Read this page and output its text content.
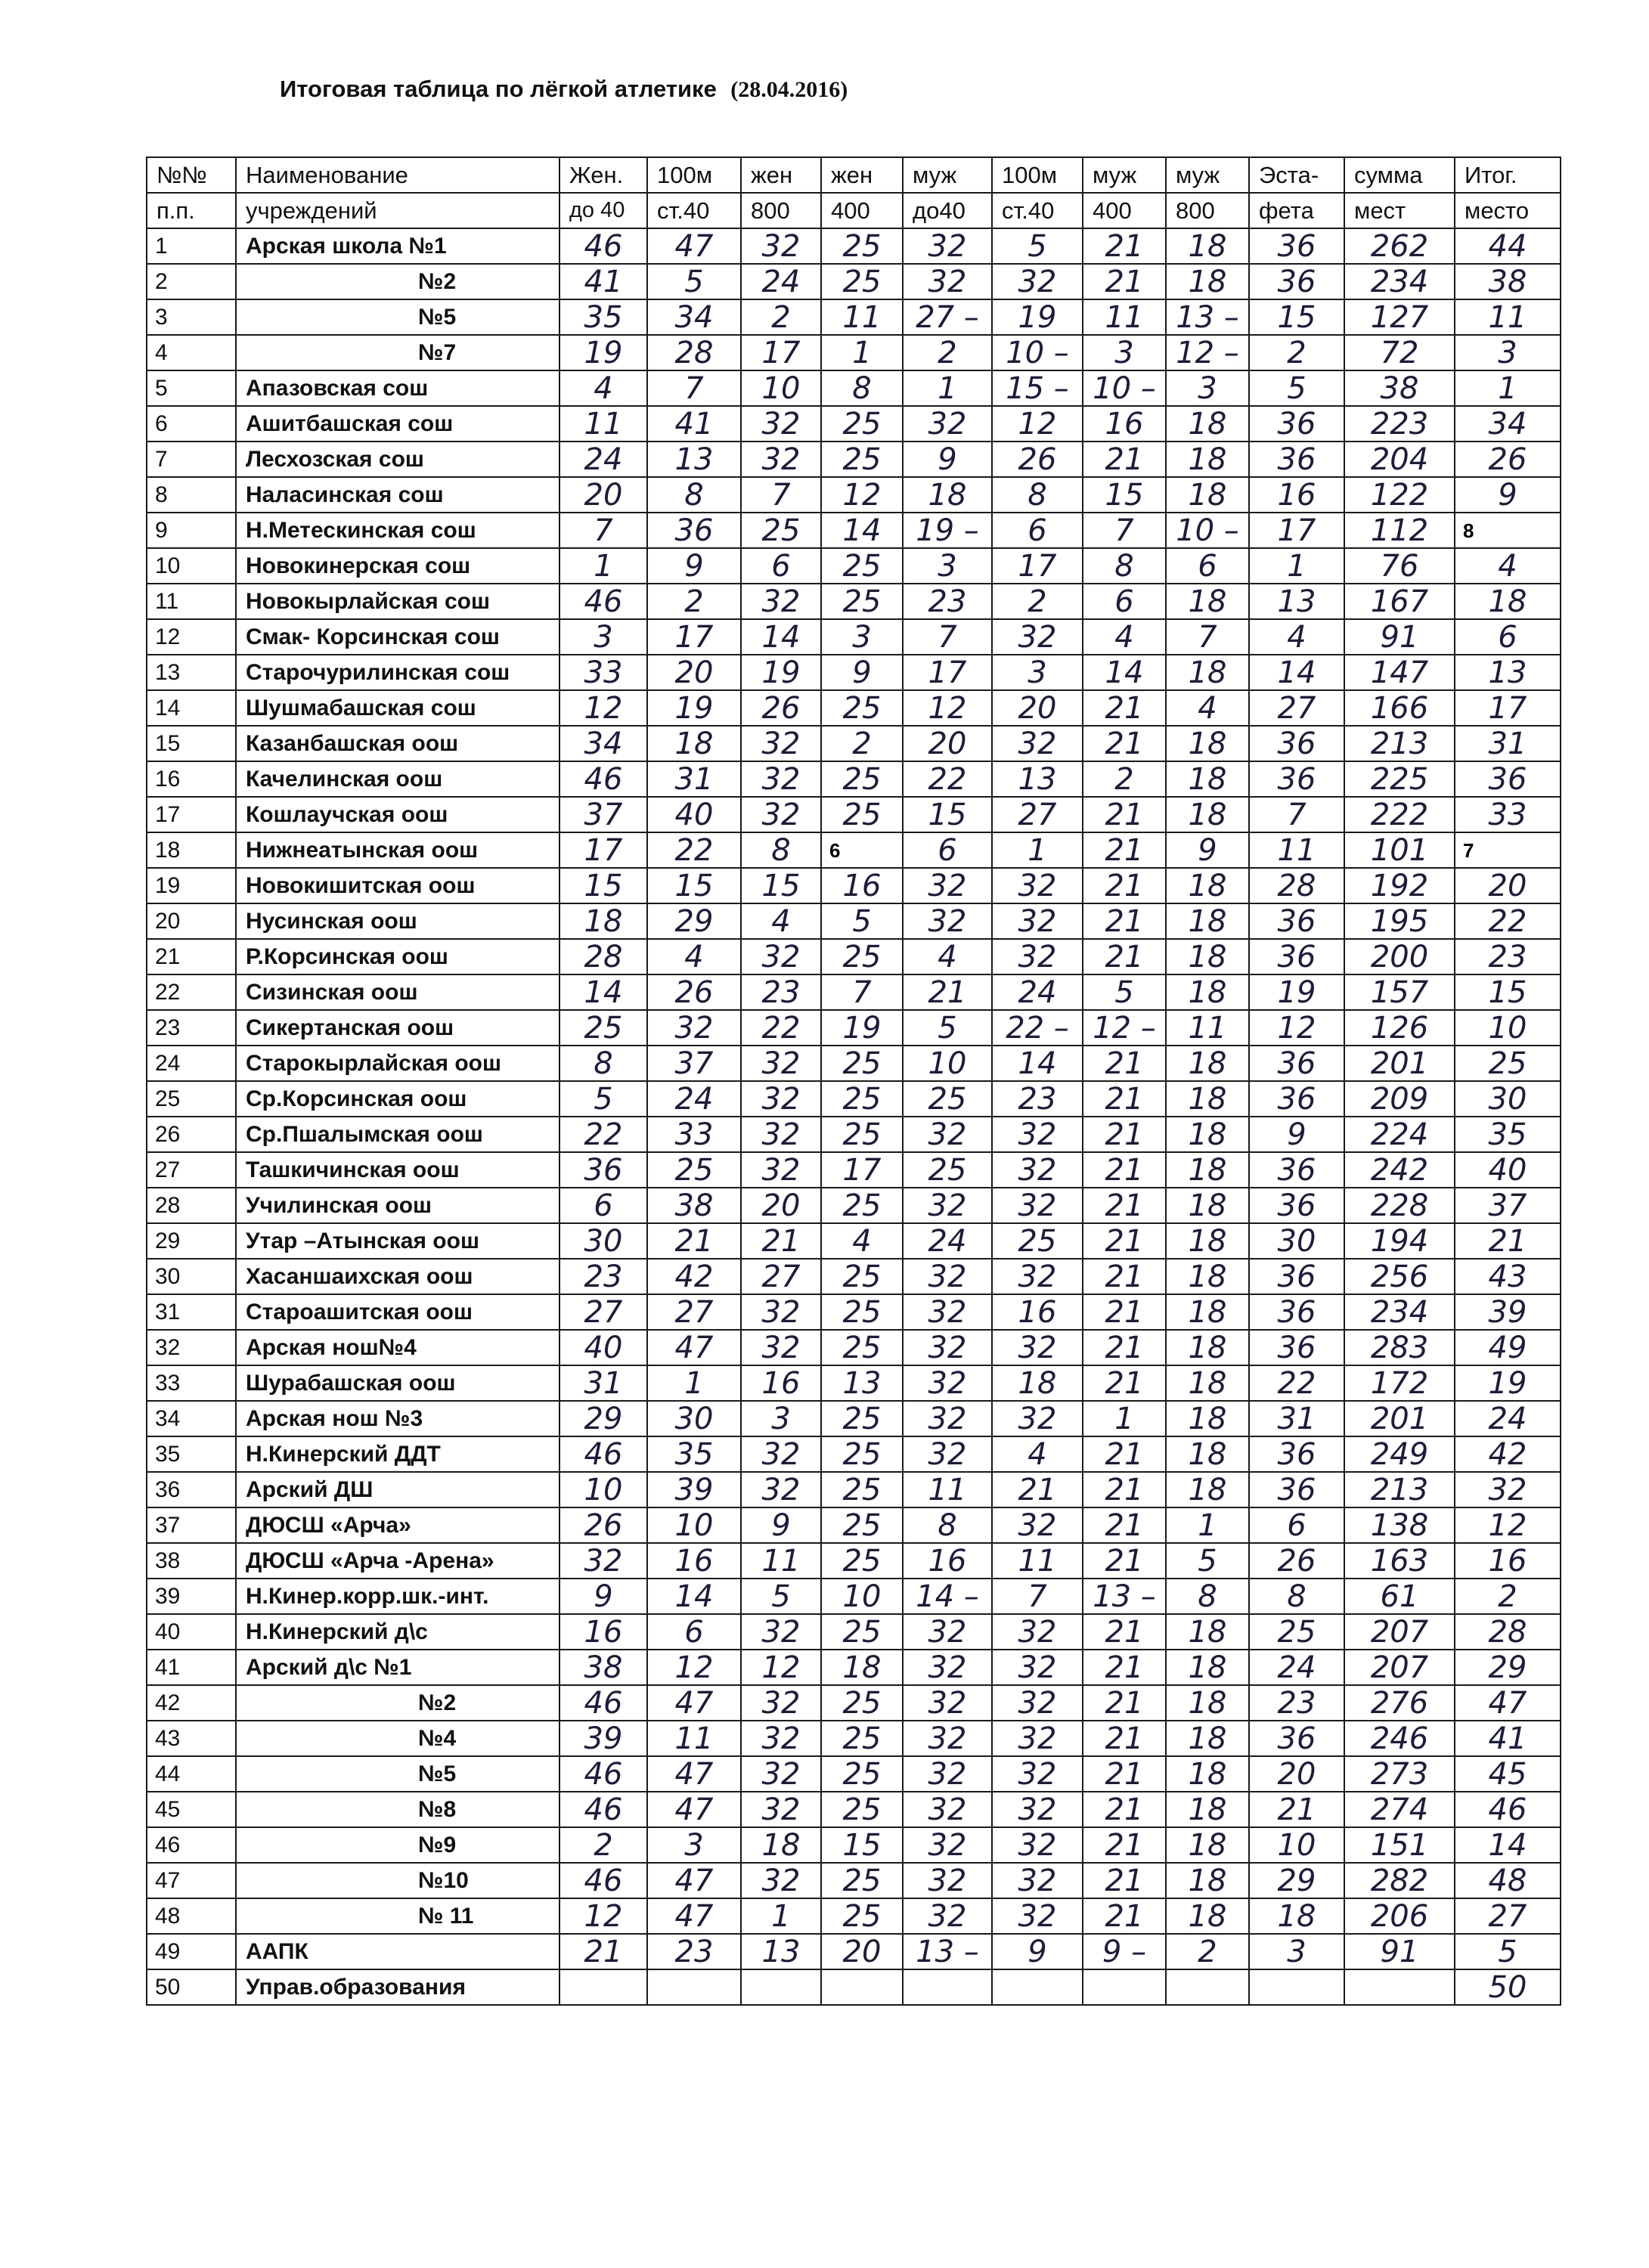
Итоговая таблица по лёгкой атлетике (28.04.2016)
№№	Наименование	Жен.	100м	жен	жен	муж	100м	муж	муж	Эста-	сумма	Итог.
п.п.	учреждений	до 40	ст.40	800	400	до40	ст.40	400	800	фета	мест	место
1	Арская школа №1	46	47	32	25	32	5	21	18	36	262	44
2	№2	41	5	24	25	32	32	21	18	36	234	38
3	№5	35	34	2	11	27 –	19	11	13 –	15	127	11
4	№7	19	28	17	1	2	10 –	3	12 –	2	72	3
5	Апазовская сош	4	7	10	8	1	15 –	10 –	3	5	38	1
6	Ашитбашская сош	11	41	32	25	32	12	16	18	36	223	34
7	Лесхозская сош	24	13	32	25	9	26	21	18	36	204	26
8	Наласинская сош	20	8	7	12	18	8	15	18	16	122	9
9	Н.Метескинская сош	7	36	25	14	19 –	6	7	10 –	17	112	8
10	Новокинерская сош	1	9	6	25	3	17	8	6	1	76	4
11	Новокырлайская сош	46	2	32	25	23	2	6	18	13	167	18
12	Смак- Корсинская сош	3	17	14	3	7	32	4	7	4	91	6
13	Старочурилинская сош	33	20	19	9	17	3	14	18	14	147	13
14	Шушмабашская сош	12	19	26	25	12	20	21	4	27	166	17
15	Казанбашская оош	34	18	32	2	20	32	21	18	36	213	31
16	Качелинская оош	46	31	32	25	22	13	2	18	36	225	36
17	Кошлаучская оош	37	40	32	25	15	27	21	18	7	222	33
18	Нижнеатынская оош	17	22	8	6	6	1	21	9	11	101	7
19	Новокишитская оош	15	15	15	16	32	32	21	18	28	192	20
20	Нусинская оош	18	29	4	5	32	32	21	18	36	195	22
21	Р.Корсинская оош	28	4	32	25	4	32	21	18	36	200	23
22	Сизинская оош	14	26	23	7	21	24	5	18	19	157	15
23	Сикертанская оош	25	32	22	19	5	22 –	12 –	11	12	126	10
24	Старокырлайская оош	8	37	32	25	10	14	21	18	36	201	25
25	Ср.Корсинская оош	5	24	32	25	25	23	21	18	36	209	30
26	Ср.Пшалымская оош	22	33	32	25	32	32	21	18	9	224	35
27	Ташкичинская оош	36	25	32	17	25	32	21	18	36	242	40
28	Училинская оош	6	38	20	25	32	32	21	18	36	228	37
29	Утар –Атынская оош	30	21	21	4	24	25	21	18	30	194	21
30	Хасаншаихская оош	23	42	27	25	32	32	21	18	36	256	43
31	Староашитская оош	27	27	32	25	32	16	21	18	36	234	39
32	Арская нош№4	40	47	32	25	32	32	21	18	36	283	49
33	Шурабашская оош	31	1	16	13	32	18	21	18	22	172	19
34	Арская нош №3	29	30	3	25	32	32	1	18	31	201	24
35	Н.Кинерский ДДТ	46	35	32	25	32	4	21	18	36	249	42
36	Арский ДШ	10	39	32	25	11	21	21	18	36	213	32
37	ДЮСШ «Арча»	26	10	9	25	8	32	21	1	6	138	12
38	ДЮСШ «Арча -Арена»	32	16	11	25	16	11	21	5	26	163	16
39	Н.Кинер.корр.шк.-инт.	9	14	5	10	14 –	7	13 –	8	8	61	2
40	Н.Кинерский д\с	16	6	32	25	32	32	21	18	25	207	28
41	Арский д\с №1	38	12	12	18	32	32	21	18	24	207	29
42	№2	46	47	32	25	32	32	21	18	23	276	47
43	№4	39	11	32	25	32	32	21	18	36	246	41
44	№5	46	47	32	25	32	32	21	18	20	273	45
45	№8	46	47	32	25	32	32	21	18	21	274	46
46	№9	2	3	18	15	32	32	21	18	10	151	14
47	№10	46	47	32	25	32	32	21	18	29	282	48
48	№ 11	12	47	1	25	32	32	21	18	18	206	27
49	ААПК	21	23	13	20	13 –	9	9 –	2	3	91	5
50	Управ.образования											50
